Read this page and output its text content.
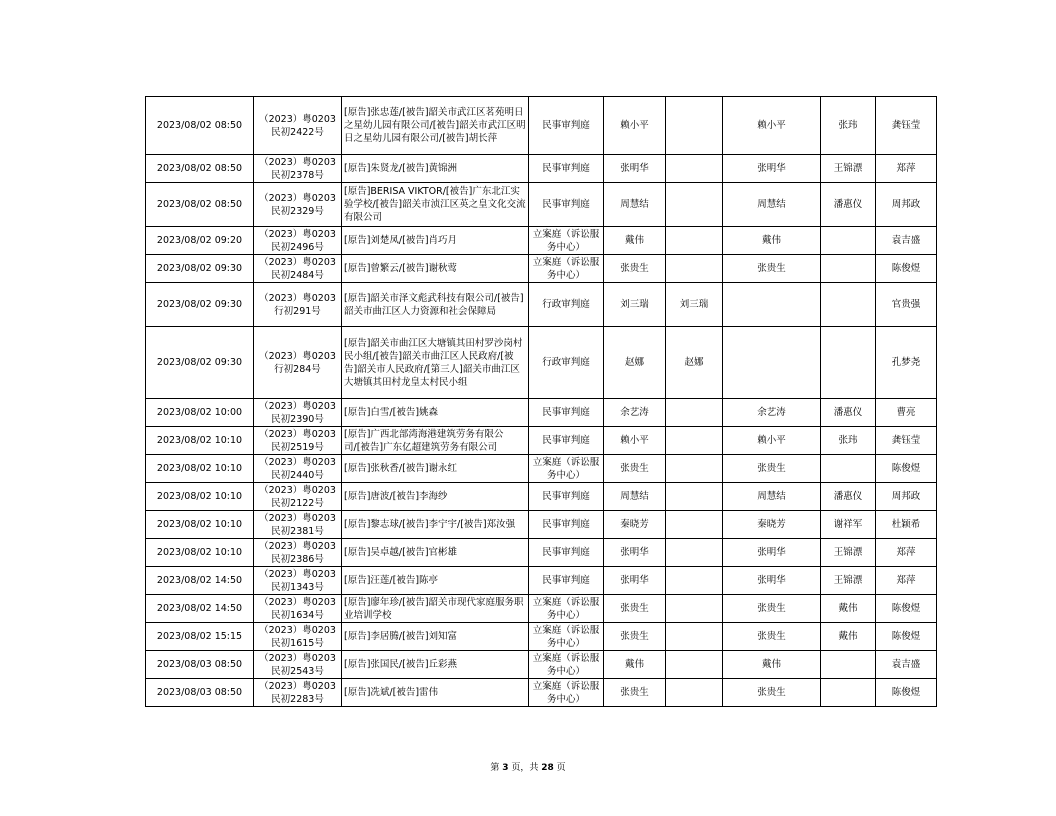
2023/08/02 08:50	（2023）粤0203民初2422号	[原告]张忠莲/[被告]韶关市武江区茗苑明日之星幼儿园有限公司/[被告]韶关市武江区明日之星幼儿园有限公司/[被告]胡长萍	民事审判庭	赖小平		赖小平	张玮	龚钰莹
2023/08/02 08:50	（2023）粤0203民初2378号	[原告]朱贤龙/[被告]黄锦洲	民事审判庭	张明华		张明华	王锦漂	郑萍
2023/08/02 08:50	（2023）粤0203民初2329号	[原告]BERISA VIKTOR/[被告]广东北江实验学校/[被告]韶关市浈江区英之皇文化交流有限公司	民事审判庭	周慧结		周慧结	潘惠仪	周邦政
2023/08/02 09:20	（2023）粤0203民初2496号	[原告]刘楚凤/[被告]肖巧月	立案庭（诉讼服务中心）	戴伟		戴伟		袁吉盛
2023/08/02 09:30	（2023）粤0203民初2484号	[原告]曾繁云/[被告]谢秋莺	立案庭（诉讼服务中心）	张贵生		张贵生		陈俊煜
2023/08/02 09:30	（2023）粤0203行初291号	[原告]韶关市泽文彪武科技有限公司/[被告]韶关市曲江区人力资源和社会保障局	行政审判庭	刘三瑞	刘三瑞			官贵强
2023/08/02 09:30	（2023）粤0203行初284号	[原告]韶关市曲江区大塘镇其田村罗沙岗村民小组/[被告]韶关市曲江区人民政府/[被告]韶关市人民政府/[第三人]韶关市曲江区大塘镇其田村龙皇太村民小组	行政审判庭	赵娜	赵娜			孔梦尧
2023/08/02 10:00	（2023）粤0203民初2390号	[原告]白雪/[被告]姚森	民事审判庭	余艺涛		余艺涛	潘惠仪	曹亮
2023/08/02 10:10	（2023）粤0203民初2519号	[原告]广西北部湾海港建筑劳务有限公司/[被告]广东亿超建筑劳务有限公司	民事审判庭	赖小平		赖小平	张玮	龚钰莹
2023/08/02 10:10	（2023）粤0203民初2440号	[原告]张秋香/[被告]谢永红	立案庭（诉讼服务中心）	张贵生		张贵生		陈俊煜
2023/08/02 10:10	（2023）粤0203民初2122号	[原告]唐波/[被告]李海纱	民事审判庭	周慧结		周慧结	潘惠仪	周邦政
2023/08/02 10:10	（2023）粤0203民初2381号	[原告]黎志球/[被告]李宁宇/[被告]郑汝强	民事审判庭	秦晓芳		秦晓芳	谢祥军	杜颖希
2023/08/02 10:10	（2023）粤0203民初2386号	[原告]吴卓越/[被告]官彬雄	民事审判庭	张明华		张明华	王锦漂	郑萍
2023/08/02 14:50	（2023）粤0203民初1343号	[原告]汪莲/[被告]陈亭	民事审判庭	张明华		张明华	王锦漂	郑萍
2023/08/02 14:50	（2023）粤0203民初1634号	[原告]廖年珍/[被告]韶关市现代家庭服务职业培训学校	立案庭（诉讼服务中心）	张贵生		张贵生	戴伟	陈俊煜
2023/08/02 15:15	（2023）粤0203民初1615号	[原告]李居腾/[被告]刘知富	立案庭（诉讼服务中心）	张贵生		张贵生	戴伟	陈俊煜
2023/08/03 08:50	（2023）粤0203民初2543号	[原告]张国民/[被告]丘彩燕	立案庭（诉讼服务中心）	戴伟		戴伟		袁吉盛
2023/08/03 08:50	（2023）粤0203民初2283号	[原告]冼斌/[被告]雷伟	立案庭（诉讼服务中心）	张贵生		张贵生		陈俊煜
第 3 页，共 28 页
